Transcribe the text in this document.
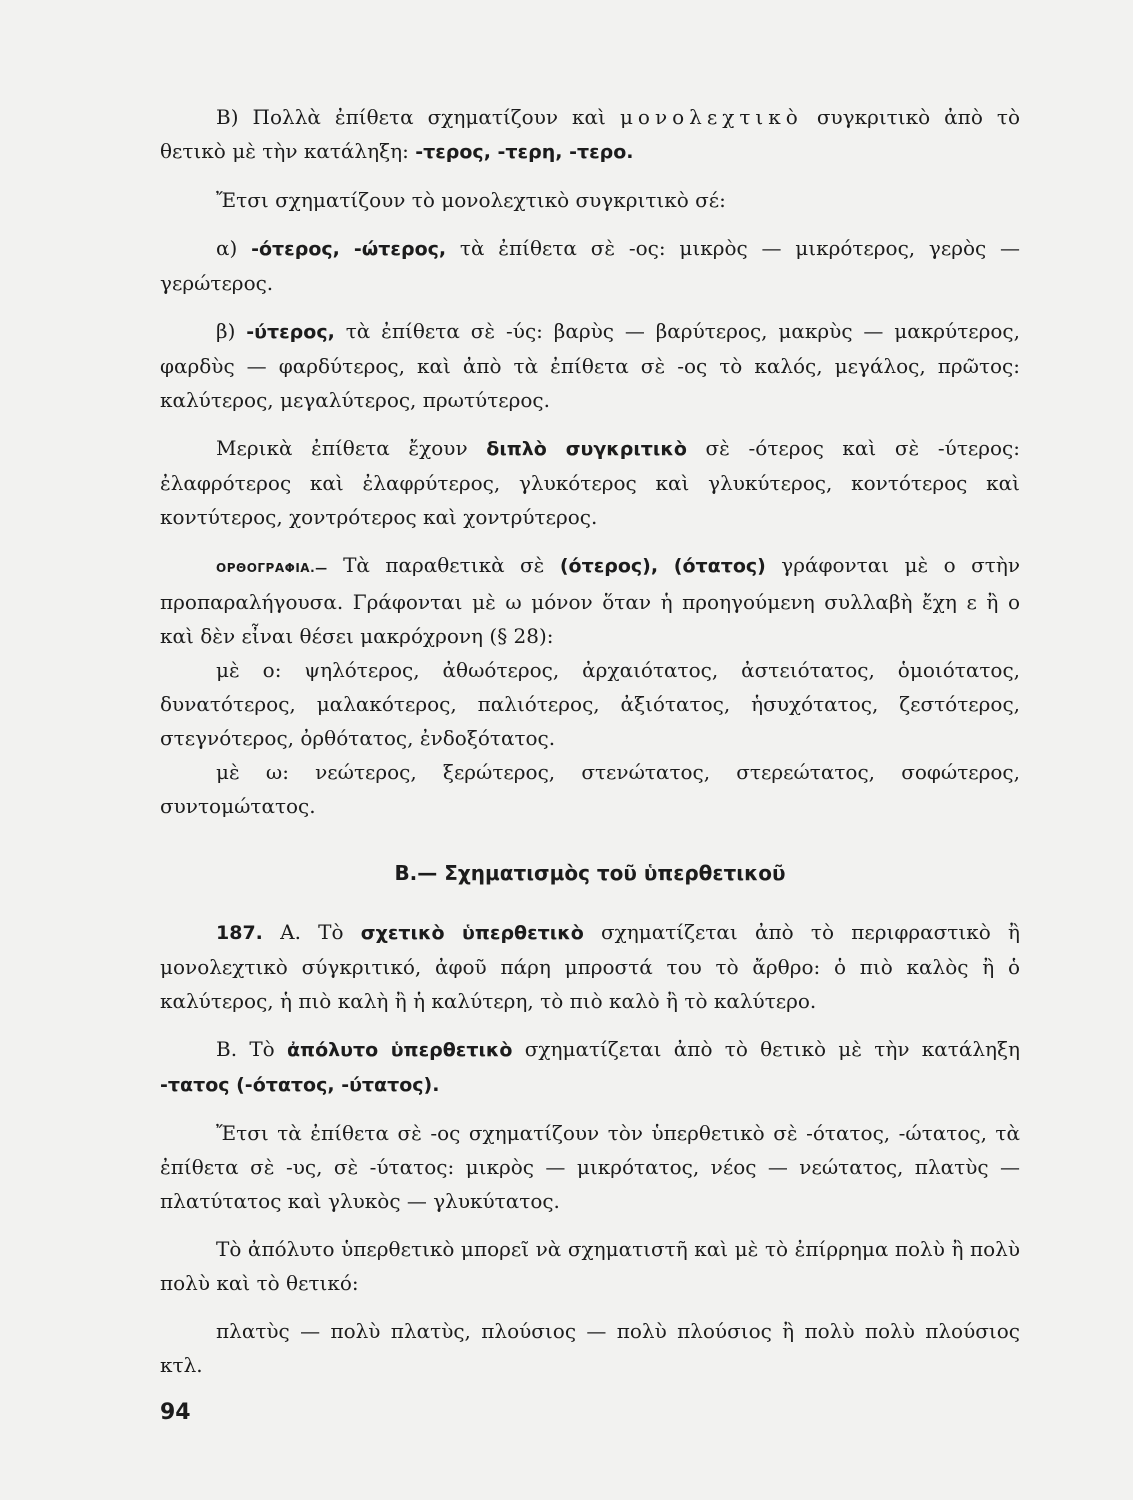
Β) Πολλὰ ἐπίθετα σχηματίζουν καὶ μονολεχτικὸ συγκριτικὸ ἀπὸ τὸ θετικὸ μὲ τὴν κατάληξη: -τερος, -τερη, -τερο.

Ἔτσι σχηματίζουν τὸ μονολεχτικὸ συγκριτικὸ σέ:

α) -ότερος, -ώτερος, τὰ ἐπίθετα σὲ -ος: μικρὸς — μικρότερος, γερὸς — γερώτερος.

β) -ύτερος, τὰ ἐπίθετα σὲ -ύς: βαρὺς — βαρύτερος, μακρὺς — μακρύτερος, φαρδὺς — φαρδύτερος, καὶ ἀπὸ τὰ ἐπίθετα σὲ -ος τὸ καλός, μεγάλος, πρῶτος: καλύτερος, μεγαλύτερος, πρωτύτερος.

Μερικὰ ἐπίθετα ἔχουν διπλὸ συγκριτικὸ σὲ -ότερος καὶ σὲ -ύτερος: ἐλαφρότερος καὶ ἐλαφρύτερος, γλυκότερος καὶ γλυκύτερος, κοντότερος καὶ κοντύτερος, χοντρότερος καὶ χοντρύτερος.

ΟΡΘΟΓΡΑΦΙΑ.— Τὰ παραθετικὰ σὲ (ότερος), (ότατος) γράφονται μὲ ο στὴν προπαραλήγουσα. Γράφονται μὲ ω μόνον ὅταν ἡ προηγούμενη συλλαβὴ ἔχη ε ἢ ο καὶ δὲν εἶναι θέσει μακρόχρονη (§ 28):

μὲ ο: ψηλότερος, ἀθωότερος, ἀρχαιότατος, ἀστειότατος, ὁμοιότατος, δυνατότερος, μαλακότερος, παλιότερος, ἀξιότατος, ἡσυχότατος, ζεστότερος, στεγνότερος, ὀρθότατος, ἐνδοξότατος.

μὲ ω: νεώτερος, ξερώτερος, στενώτατος, στερεώτατος, σοφώτερος, συντομώτατος.

Β.— Σχηματισμὸς τοῦ ὑπερθετικοῦ

187. Α. Τὸ σχετικὸ ὑπερθετικὸ σχηματίζεται ἀπὸ τὸ περιφραστικὸ ἢ μονολεχτικὸ σύγκριτικό, ἀφοῦ πάρη μπροστά του τὸ ἄρθρο: ὁ πιὸ καλὸς ἢ ὁ καλύτερος, ἡ πιὸ καλὴ ἢ ἡ καλύτερη, τὸ πιὸ καλὸ ἢ τὸ καλύτερο.

Β. Τὸ ἀπόλυτο ὑπερθετικὸ σχηματίζεται ἀπὸ τὸ θετικὸ μὲ τὴν κατάληξη -τατος (-ότατος, -ύτατος).

Ἔτσι τὰ ἐπίθετα σὲ -ος σχηματίζουν τὸν ὑπερθετικὸ σὲ -ότατος, -ώτατος, τὰ ἐπίθετα σὲ -υς, σὲ -ύτατος: μικρὸς — μικρότατος, νέος — νεώτατος, πλατὺς — πλατύτατος καὶ γλυκὸς — γλυκύτατος.

Τὸ ἀπόλυτο ὑπερθετικὸ μπορεῖ νὰ σχηματιστῆ καὶ μὲ τὸ ἐπίρρημα πολὺ ἢ πολὺ πολὺ καὶ τὸ θετικό:

πλατὺς — πολὺ πλατὺς, πλούσιος — πολὺ πλούσιος ἢ πολὺ πολὺ πλούσιος κτλ.

94
